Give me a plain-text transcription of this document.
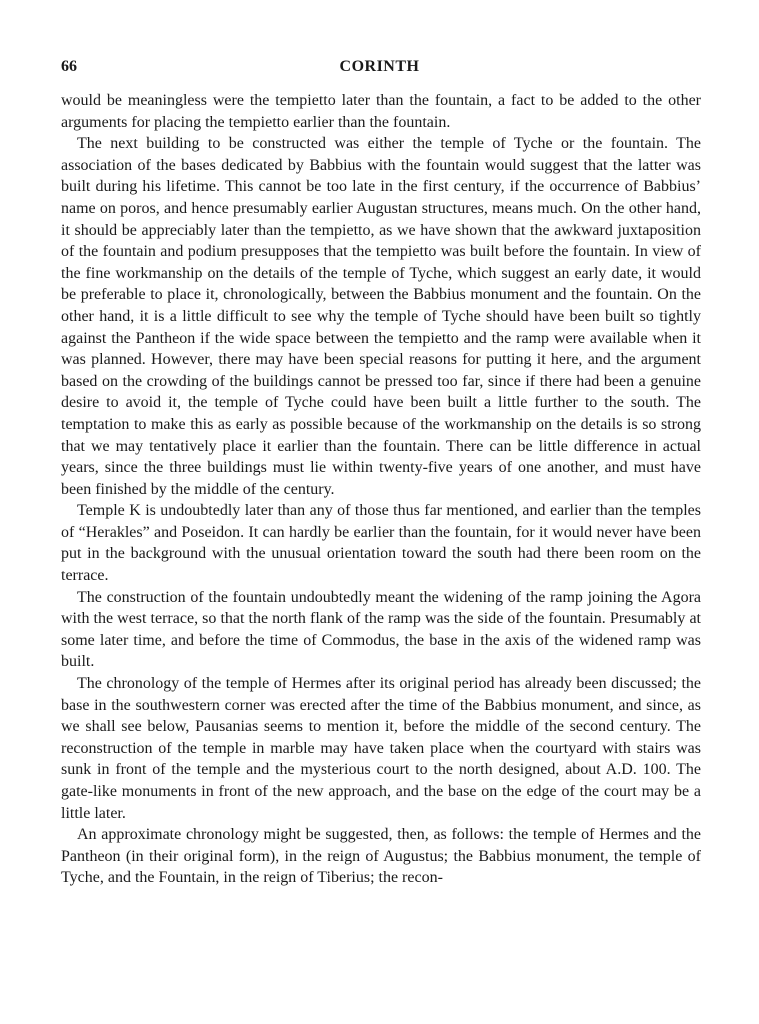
66	CORINTH

would be meaningless were the tempietto later than the fountain, a fact to be added to the other arguments for placing the tempietto earlier than the fountain.

The next building to be constructed was either the temple of Tyche or the fountain. The association of the bases dedicated by Babbius with the fountain would suggest that the latter was built during his lifetime. This cannot be too late in the first century, if the occurrence of Babbius’ name on poros, and hence presumably earlier Augustan structures, means much. On the other hand, it should be appreciably later than the tempietto, as we have shown that the awkward juxtaposition of the fountain and podium presupposes that the tempietto was built before the fountain. In view of the fine workmanship on the details of the temple of Tyche, which suggest an early date, it would be preferable to place it, chronologically, between the Babbius monument and the fountain. On the other hand, it is a little difficult to see why the temple of Tyche should have been built so tightly against the Pantheon if the wide space between the tempietto and the ramp were available when it was planned. However, there may have been special reasons for putting it here, and the argument based on the crowding of the buildings cannot be pressed too far, since if there had been a genuine desire to avoid it, the temple of Tyche could have been built a little further to the south. The temptation to make this as early as possible because of the workmanship on the details is so strong that we may tentatively place it earlier than the fountain. There can be little difference in actual years, since the three buildings must lie within twenty-five years of one another, and must have been finished by the middle of the century.

Temple K is undoubtedly later than any of those thus far mentioned, and earlier than the temples of “Herakles” and Poseidon. It can hardly be earlier than the fountain, for it would never have been put in the background with the unusual orientation toward the south had there been room on the terrace.

The construction of the fountain undoubtedly meant the widening of the ramp joining the Agora with the west terrace, so that the north flank of the ramp was the side of the fountain. Presumably at some later time, and before the time of Commodus, the base in the axis of the widened ramp was built.

The chronology of the temple of Hermes after its original period has already been discussed; the base in the southwestern corner was erected after the time of the Babbius monument, and since, as we shall see below, Pausanias seems to mention it, before the middle of the second century. The reconstruction of the temple in marble may have taken place when the courtyard with stairs was sunk in front of the temple and the mysterious court to the north designed, about A.D. 100. The gate-like monuments in front of the new approach, and the base on the edge of the court may be a little later.

An approximate chronology might be suggested, then, as follows: the temple of Hermes and the Pantheon (in their original form), in the reign of Augustus; the Babbius monument, the temple of Tyche, and the Fountain, in the reign of Tiberius; the recon-
